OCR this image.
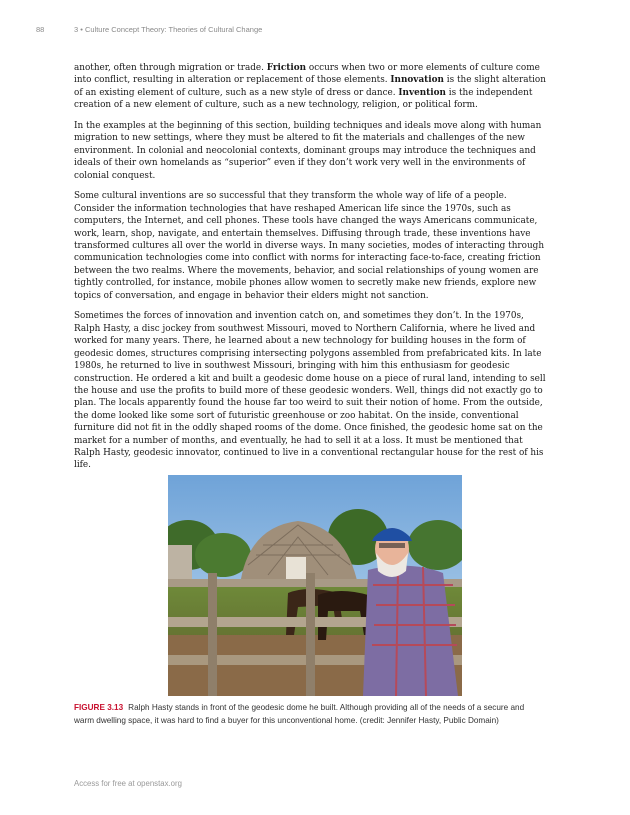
88	3 • Culture Concept Theory: Theories of Cultural Change

another, often through migration or trade. Friction occurs when two or more elements of culture come into conflict, resulting in alteration or replacement of those elements. Innovation is the slight alteration of an existing element of culture, such as a new style of dress or dance. Invention is the independent creation of a new element of culture, such as a new technology, religion, or political form.

In the examples at the beginning of this section, building techniques and ideals move along with human migration to new settings, where they must be altered to fit the materials and challenges of the new environment. In colonial and neocolonial contexts, dominant groups may introduce the techniques and ideals of their own homelands as “superior” even if they don’t work very well in the environments of colonial conquest.

Some cultural inventions are so successful that they transform the whole way of life of a people. Consider the information technologies that have reshaped American life since the 1970s, such as computers, the Internet, and cell phones. These tools have changed the ways Americans communicate, work, learn, shop, navigate, and entertain themselves. Diffusing through trade, these inventions have transformed cultures all over the world in diverse ways. In many societies, modes of interacting through communication technologies come into conflict with norms for interacting face-to-face, creating friction between the two realms. Where the movements, behavior, and social relationships of young women are tightly controlled, for instance, mobile phones allow women to secretly make new friends, explore new topics of conversation, and engage in behavior their elders might not sanction.

Sometimes the forces of innovation and invention catch on, and sometimes they don’t. In the 1970s, Ralph Hasty, a disc jockey from southwest Missouri, moved to Northern California, where he lived and worked for many years. There, he learned about a new technology for building houses in the form of geodesic domes, structures comprising intersecting polygons assembled from prefabricated kits. In late 1980s, he returned to live in southwest Missouri, bringing with him this enthusiasm for geodesic construction. He ordered a kit and built a geodesic dome house on a piece of rural land, intending to sell the house and use the profits to build more of these geodesic wonders. Well, things did not exactly go to plan. The locals apparently found the house far too weird to suit their notion of home. From the outside, the dome looked like some sort of futuristic greenhouse or zoo habitat. On the inside, conventional furniture did not fit in the oddly shaped rooms of the dome. Once finished, the geodesic home sat on the market for a number of months, and eventually, he had to sell it at a loss. It must be mentioned that Ralph Hasty, geodesic innovator, continued to live in a conventional rectangular house for the rest of his life.

FIGURE 3.13 Ralph Hasty stands in front of the geodesic dome he built. Although providing all of the needs of a secure and warm dwelling space, it was hard to find a buyer for this unconventional home. (credit: Jennifer Hasty, Public Domain)
Access for free at openstax.org
